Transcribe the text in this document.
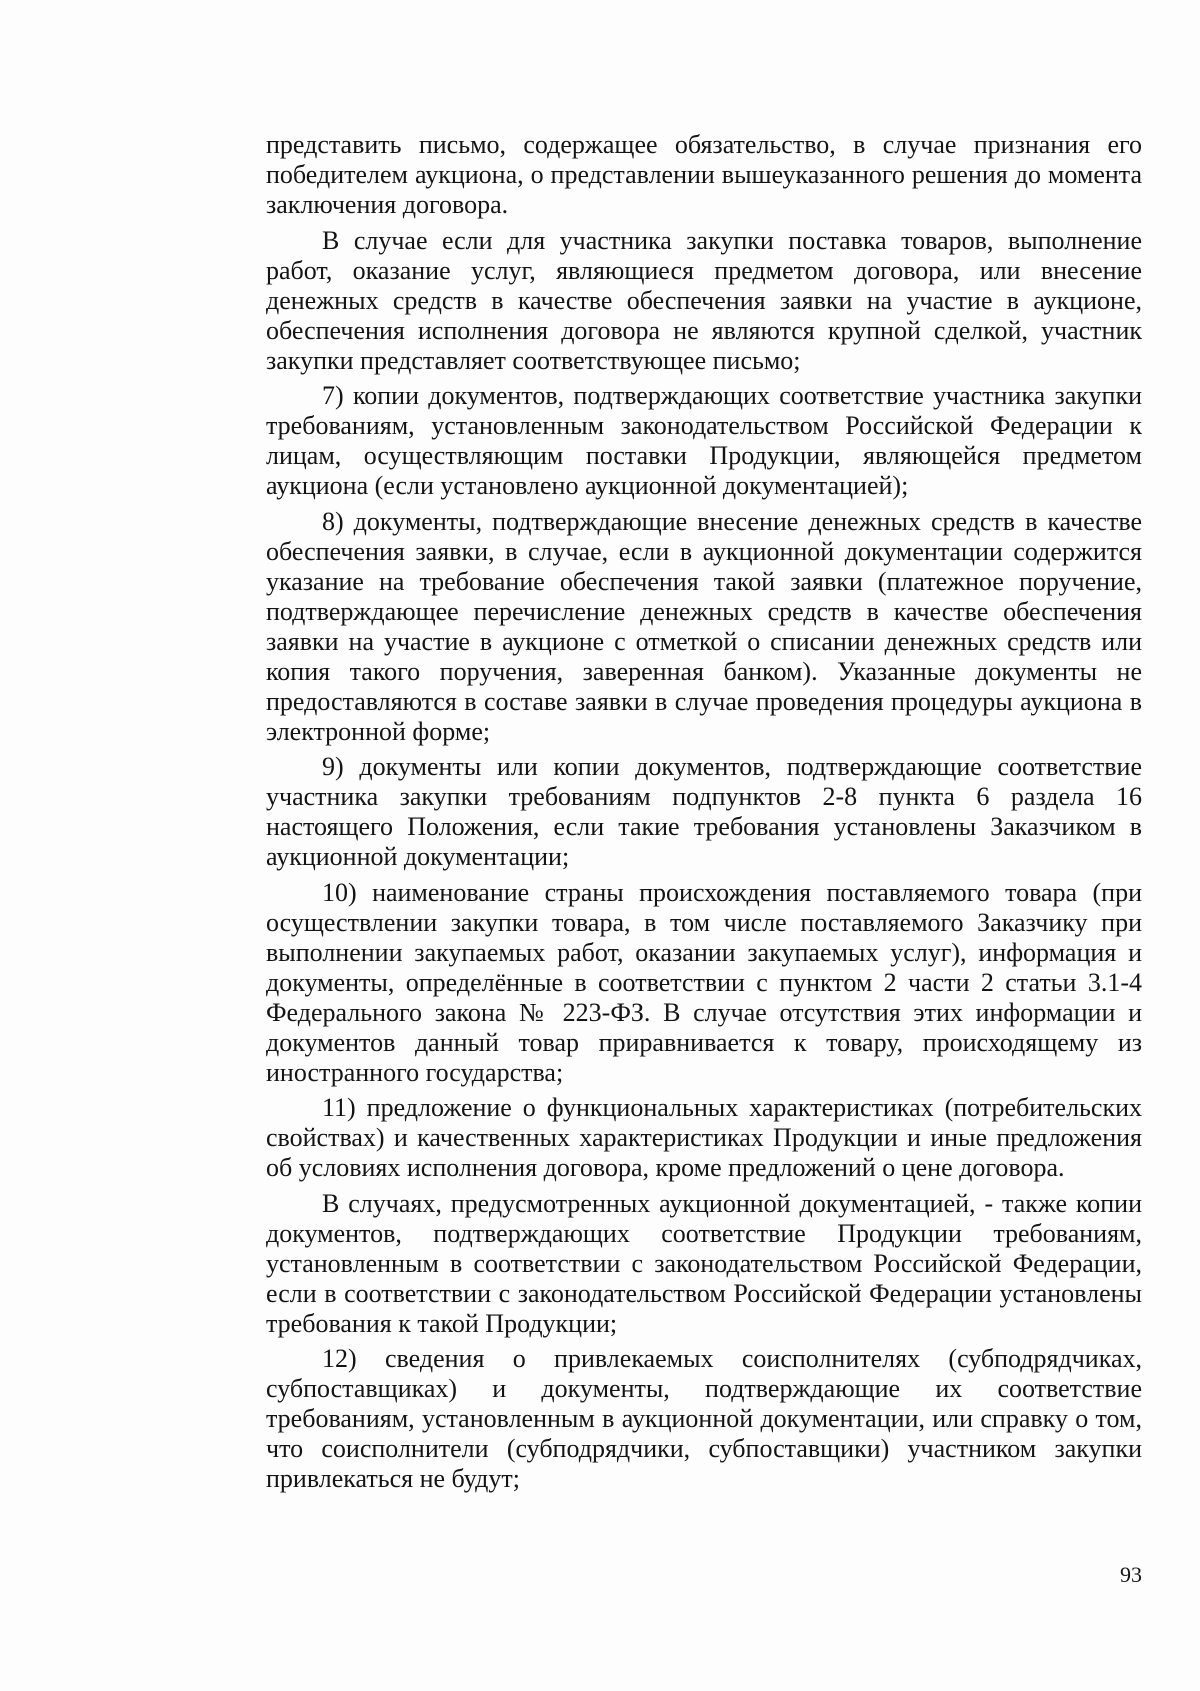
представить письмо, содержащее обязательство, в случае признания его победителем аукциона, о представлении вышеуказанного решения до момента заключения договора.

В случае если для участника закупки поставка товаров, выполнение работ, оказание услуг, являющиеся предметом договора, или внесение денежных средств в качестве обеспечения заявки на участие в аукционе, обеспечения исполнения договора не являются крупной сделкой, участник закупки представляет соответствующее письмо;

7) копии документов, подтверждающих соответствие участника закупки требованиям, установленным законодательством Российской Федерации к лицам, осуществляющим поставки Продукции, являющейся предметом аукциона (если установлено аукционной документацией);

8) документы, подтверждающие внесение денежных средств в качестве обеспечения заявки, в случае, если в аукционной документации содержится указание на требование обеспечения такой заявки (платежное поручение, подтверждающее перечисление денежных средств в качестве обеспечения заявки на участие в аукционе с отметкой о списании денежных средств или копия такого поручения, заверенная банком). Указанные документы не предоставляются в составе заявки в случае проведения процедуры аукциона в электронной форме;

9) документы или копии документов, подтверждающие соответствие участника закупки требованиям подпунктов 2-8 пункта 6 раздела 16 настоящего Положения, если такие требования установлены Заказчиком в аукционной документации;

10) наименование страны происхождения поставляемого товара (при осуществлении закупки товара, в том числе поставляемого Заказчику при выполнении закупаемых работ, оказании закупаемых услуг), информация и документы, определённые в соответствии с пунктом 2 части 2 статьи 3.1-4 Федерального закона № 223-ФЗ. В случае отсутствия этих информации и документов данный товар приравнивается к товару, происходящему из иностранного государства;

11) предложение о функциональных характеристиках (потребительских свойствах) и качественных характеристиках Продукции и иные предложения об условиях исполнения договора, кроме предложений о цене договора.

В случаях, предусмотренных аукционной документацией, - также копии документов, подтверждающих соответствие Продукции требованиям, установленным в соответствии с законодательством Российской Федерации, если в соответствии с законодательством Российской Федерации установлены требования к такой Продукции;

12) сведения о привлекаемых соисполнителях (субподрядчиках, субпоставщиках) и документы, подтверждающие их соответствие требованиям, установленным в аукционной документации, или справку о том, что соисполнители (субподрядчики, субпоставщики) участником закупки привлекаться не будут;

93
